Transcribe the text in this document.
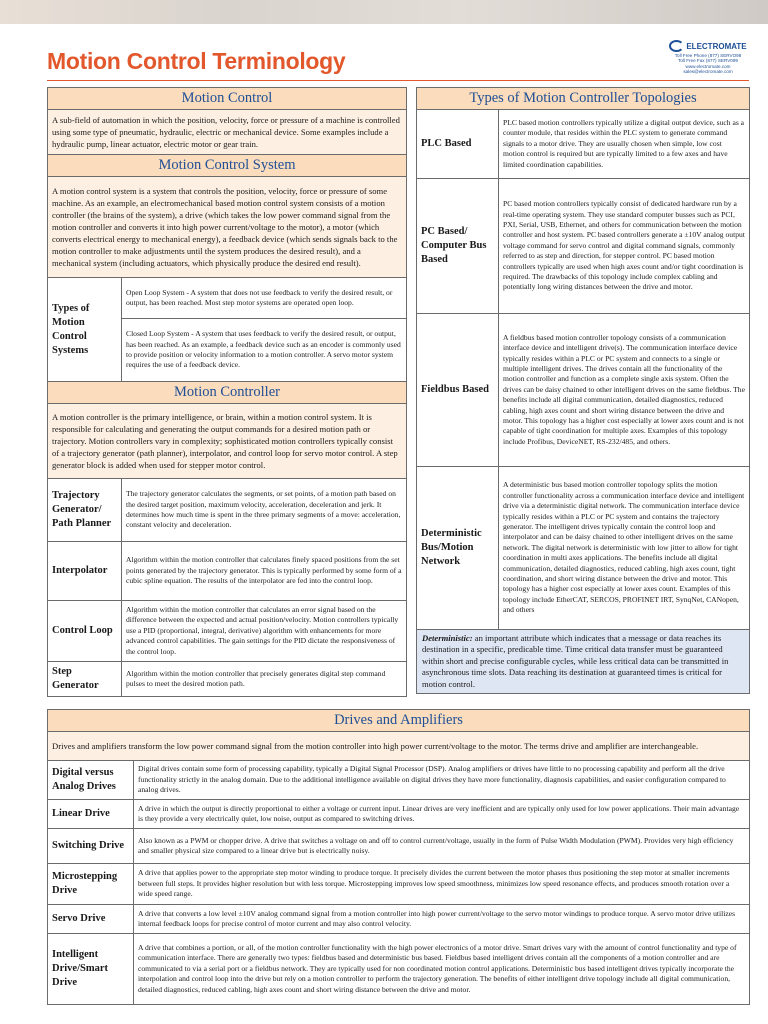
Motion Control Terminology
ELECTROMATE
Toll Free Phone (877) SERVO98
Toll Free Fax (877) SERV099
www.electromate.com
sales@electromate.com
Motion Control	
A sub-field of automation in which the position, velocity, force or pressure of a machine is controlled using some type of pneumatic, hydraulic, electric or mechanical device. Some examples include a hydraulic pump, linear actuator, electric motor or gear train.	
Motion Control System	
A motion control system is a system that controls the position, velocity, force or pressure of some machine. As an example, an electromechanical based motion control system consists of a motion controller (the brains of the system), a drive (which takes the low power command signal from the motion controller and converts it into high power current/voltage to the motor), a motor (which converts electrical energy to mechanical energy), a feedback device (which sends signals back to the motion controller to make adjustments until the system produces the desired result), and a mechanical system (including actuators, which physically produce the desired end result).	
Types of Motion Control Systems	Open Loop System - A system that does not use feedback to verify the desired result, or output, has been reached. Most step motor systems are operated open loop.
	Closed Loop System - A system that uses feedback to verify the desired result, or output, has been reached. As an example, a feedback device such as an encoder is commonly used to provide position or velocity information to a motion controller. A servo motor system requires the use of a feedback device.
Motion Controller	
A motion controller is the primary intelligence, or brain, within a motion control system. It is responsible for calculating and generating the output commands for a desired motion path or trajectory. Motion controllers vary in complexity; sophisticated motion controllers typically consist of a trajectory generator (path planner), interpolator, and control loop for servo motor control. A step generator block is added when used for stepper motor control.	
Trajectory Generator/ Path Planner	The trajectory generator calculates the segments, or set points, of a motion path based on the desired target position, maximum velocity, acceleration, deceleration and jerk. It determines how much time is spent in the three primary segments of a move: acceleration, constant velocity and deceleration.
Interpolator	Algorithm within the motion controller that calculates finely spaced positions from the set points generated by the trajectory generator. This is typically performed by some form of a cubic spline equation. The results of the interpolator are fed into the control loop.
Control Loop	Algorithm within the motion controller that calculates an error signal based on the difference between the expected and actual position/velocity. Motion controllers typically use a PID (proportional, integral, derivative) algorithm with enhancements for more advanced control capabilities. The gain settings for the PID dictate the responsiveness of the control loop.
Step Generator	Algorithm within the motion controller that precisely generates digital step command pulses to meet the desired motion path.
Types of Motion Controller Topologies	
PLC Based	PLC based motion controllers typically utilize a digital output device, such as a counter module, that resides within the PLC system to generate command signals to a motor drive. They are usually chosen when simple, low cost motion control is required but are typically limited to a few axes and have limited coordination capabilities.
PC Based/ Computer Bus Based	PC based motion controllers typically consist of dedicated hardware run by a real-time operating system. They use standard computer busses such as PCI, PXI, Serial, USB, Ethernet, and others for communication between the motion controller and host system. PC based controllers generate a ±10V analog output voltage command for servo control and digital command signals, commonly referred to as step and direction, for stepper control. PC based motion controllers typically are used when high axes count and/or tight coordination is required. The drawbacks of this topology include complex cabling and potentially long wiring distances between the drive and motor.
Fieldbus Based	A fieldbus based motion controller topology consists of a communication interface device and intelligent drive(s). The communication interface device typically resides within a PLC or PC system and connects to a single or multiple intelligent drives. The drives contain all the functionality of the motion controller and function as a complete single axis system. Often the drives can be daisy chained to other intelligent drives on the same fieldbus. The benefits include all digital communication, detailed diagnostics, reduced cabling, high axes count and short wiring distance between the drive and motor. This topology has a higher cost especially at lower axes count and is not capable of tight coordination for multiple axes. Examples of this topology include Profibus, DeviceNET, RS-232/485, and others.
Deterministic Bus/Motion Network	A deterministic bus based motion controller topology splits the motion controller functionality across a communication interface device and intelligent drive via a deterministic digital network. The communication interface device typically resides within a PLC or PC system and contains the trajectory generator. The intelligent drives typically contain the control loop and interpolator and can be daisy chained to other intelligent drives on the same network. The digital network is deterministic with low jitter to allow for tight coordination in multi axes applications. The benefits include all digital communication, detailed diagnostics, reduced cabling, high axes count, tight coordination, and short wiring distance between the drive and motor. This topology has a higher cost especially at lower axes count. Examples of this topology include EtherCAT, SERCOS, PROFINET IRT, SynqNet, CANopen, and others
Deterministic: an important attribute which indicates that a message or data reaches its destination in a specific, predicable time. Time critical data transfer must be guaranteed within short and precise configurable cycles, while less critical data can be transmitted in asynchronous time slots. Data reaching its destination at guaranteed times is critical for motion control.	
Drives and Amplifiers	
Drives and amplifiers transform the low power command signal from the motion controller into high power current/voltage to the motor. The terms drive and amplifier are interchangeable.	
Digital versus Analog Drives	Digital drives contain some form of processing capability, typically a Digital Signal Processor (DSP). Analog amplifiers or drives have little to no processing capability and perform all the drive functionality strictly in the analog domain. Due to the additional intelligence available on digital drives they have more functionality, diagnosis capabilities, and easier configuration compared to analog drives.
Linear Drive	A drive in which the output is directly proportional to either a voltage or current input. Linear drives are very inefficient and are typically only used for low power applications. Their main advantage is they provide a very electrically quiet, low noise, output as compared to switching drives.
Switching Drive	Also known as a PWM or chopper drive. A drive that switches a voltage on and off to control current/voltage, usually in the form of Pulse Width Modulation (PWM). Provides very high efficiency and smaller physical size compared to a linear drive but is electrically noisy.
Microstepping Drive	A drive that applies power to the appropriate step motor winding to produce torque. It precisely divides the current between the motor phases thus positioning the step motor at smaller increments between full steps. It provides higher resolution but with less torque. Microstepping improves low speed smoothness, minimizes low speed resonance effects, and produces smooth rotation over a wide speed range.
Servo Drive	A drive that converts a low level ±10V analog command signal from a motion controller into high power current/voltage to the servo motor windings to produce torque. A servo motor drive utilizes internal feedback loops for precise control of motor current and may also control velocity.
Intelligent Drive/Smart Drive	A drive that combines a portion, or all, of the motion controller functionality with the high power electronics of a motor drive. Smart drives vary with the amount of control functionality and type of communication interface. There are generally two types: fieldbus based and deterministic bus based. Fieldbus based intelligent drives contain all the components of a motion controller and are communicated to via a serial port or a fieldbus network. They are typically used for non coordinated motion control applications. Deterministic bus based intelligent drives typically incorporate the interpolation and control loop into the drive but rely on a motion controller to perform the trajectory generation. The benefits of either intelligent drive topology include all digital communication, detailed diagnostics, reduced cabling, high axes count and short wiring distance between the drive and motor.
